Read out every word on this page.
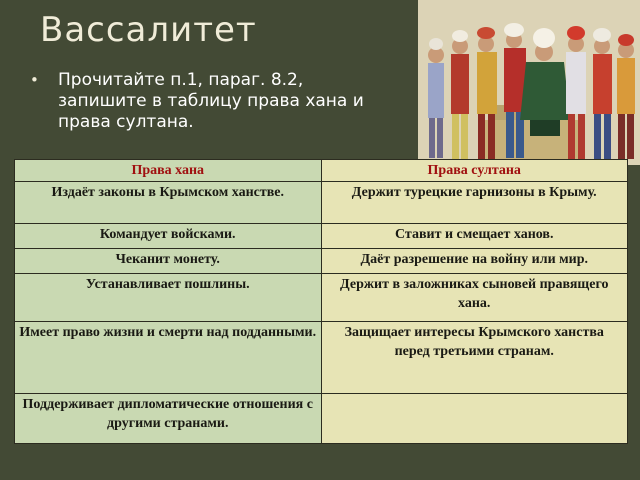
Вассалитет
• Прочитайте п.1, параг. 8.2, запишите в таблицу права хана и права султана.
Права хана	Права султана
Издаёт законы в Крымском ханстве.	Держит турецкие гарнизоны в Крыму.
Командует войсками.	Ставит и смещает ханов.
Чеканит монету.	Даёт разрешение на войну или мир.
Устанавливает пошлины.	Держит в заложниках сыновей правящего хана.
Имеет право жизни и смерти над подданными.	Защищает интересы Крымского ханства перед третьими странам.
Поддерживает дипломатические отношения с другими странами.	
